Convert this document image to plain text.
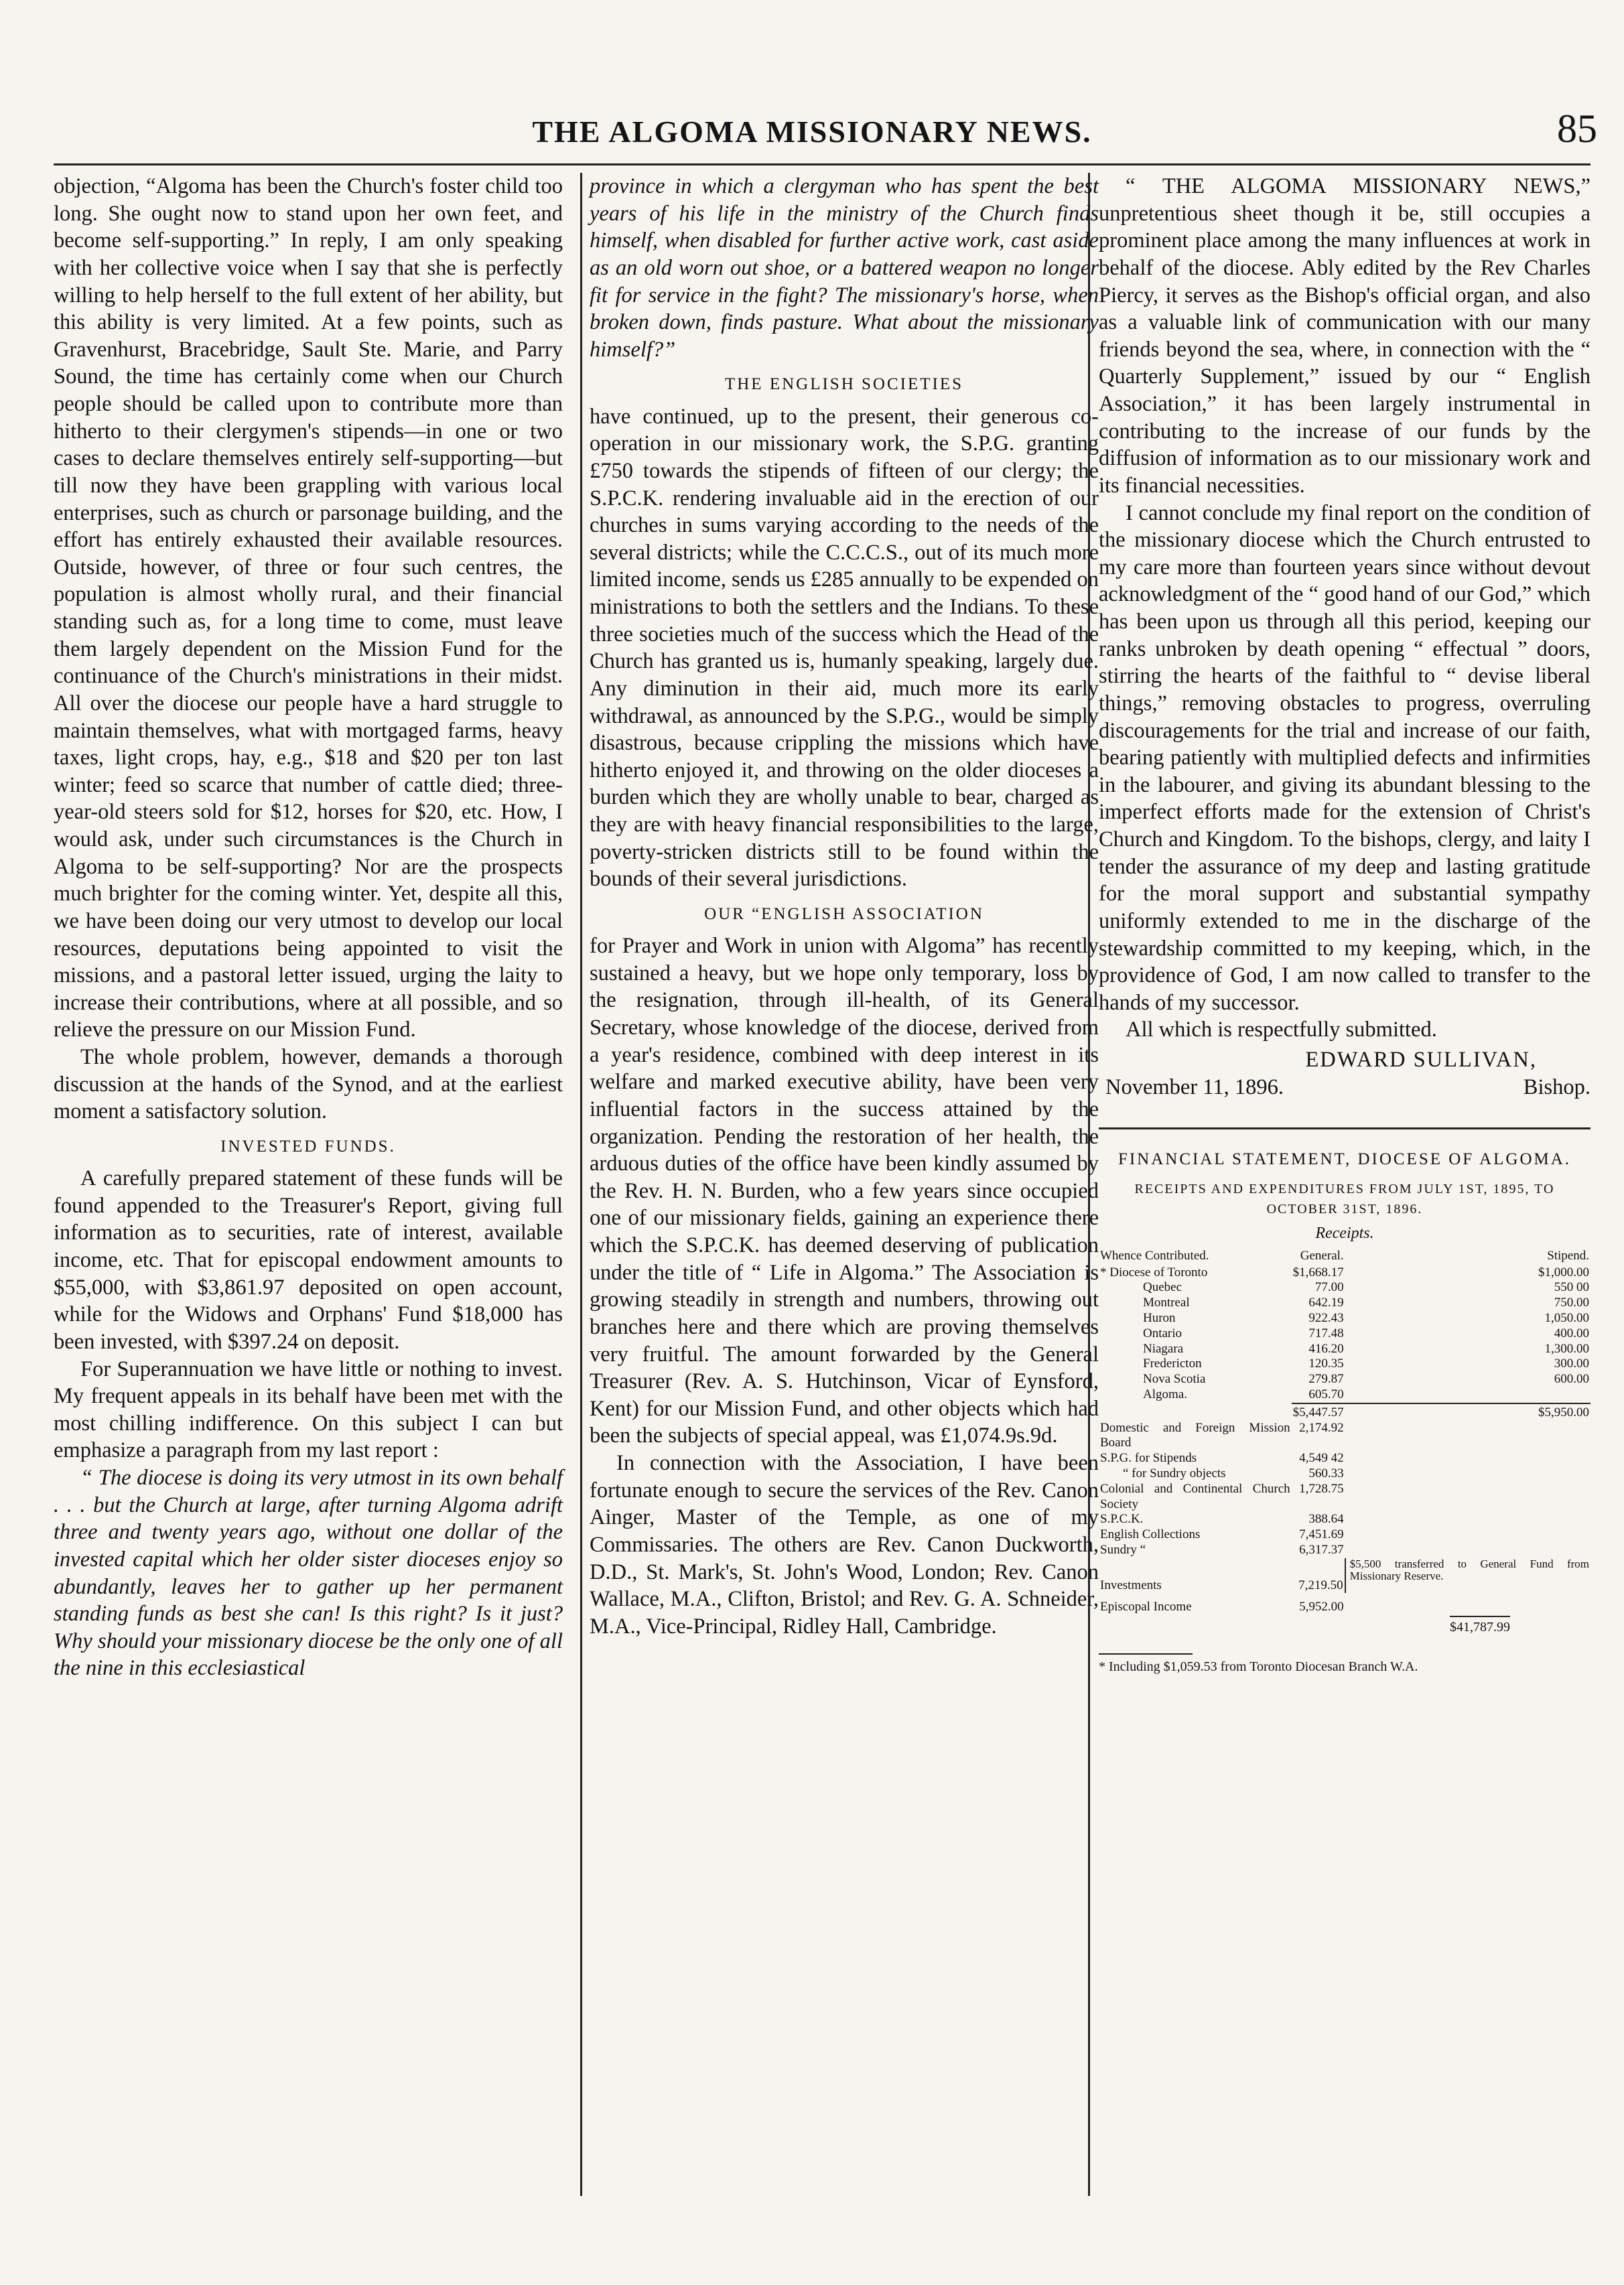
THE ALGOMA MISSIONARY NEWS.	85

objection, “Algoma has been the Church's foster child too long. She ought now to stand upon her own feet, and become self-supporting.” In reply, I am only speaking with her collective voice when I say that she is perfectly willing to help herself to the full extent of her ability, but this ability is very limited. At a few points, such as Gravenhurst, Bracebridge, Sault Ste. Marie, and Parry Sound, the time has certainly come when our Church people should be called upon to contribute more than hitherto to their clergymen's stipends—in one or two cases to declare themselves entirely self-supporting—but till now they have been grappling with various local enterprises, such as church or parsonage building, and the effort has entirely exhausted their available resources. Outside, however, of three or four such centres, the population is almost wholly rural, and their financial standing such as, for a long time to come, must leave them largely dependent on the Mission Fund for the continuance of the Church's ministrations in their midst. All over the diocese our people have a hard struggle to maintain themselves, what with mortgaged farms, heavy taxes, light crops, hay, e.g., $18 and $20 per ton last winter; feed so scarce that number of cattle died; three-year-old steers sold for $12, horses for $20, etc. How, I would ask, under such circumstances is the Church in Algoma to be self-supporting? Nor are the prospects much brighter for the coming winter. Yet, despite all this, we have been doing our very utmost to develop our local resources, deputations being appointed to visit the missions, and a pastoral letter issued, urging the laity to increase their contributions, where at all possible, and so relieve the pressure on our Mission Fund.

The whole problem, however, demands a thorough discussion at the hands of the Synod, and at the earliest moment a satisfactory solution.

INVESTED FUNDS.

A carefully prepared statement of these funds will be found appended to the Treasurer's Report, giving full information as to securities, rate of interest, available income, etc. That for episcopal endowment amounts to $55,000, with $3,861.97 deposited on open account, while for the Widows and Orphans' Fund $18,000 has been invested, with $397.24 on deposit.

For Superannuation we have little or nothing to invest. My frequent appeals in its behalf have been met with the most chilling indifference. On this subject I can but emphasize a paragraph from my last report :

“ The diocese is doing its very utmost in its own behalf . . . but the Church at large, after turning Algoma adrift three and twenty years ago, without one dollar of the invested capital which her older sister dioceses enjoy so abundantly, leaves her to gather up her permanent standing funds as best she can! Is this right? Is it just? Why should your missionary diocese be the only one of all the nine in this ecclesiastical

province in which a clergyman who has spent the best years of his life in the ministry of the Church finds himself, when disabled for further active work, cast aside as an old worn out shoe, or a battered weapon no longer fit for service in the fight? The missionary's horse, when broken down, finds pasture. What about the missionary himself?”

THE ENGLISH SOCIETIES

have continued, up to the present, their generous co-operation in our missionary work, the S.P.G. granting £750 towards the stipends of fifteen of our clergy; the S.P.C.K. rendering invaluable aid in the erection of our churches in sums varying according to the needs of the several districts; while the C.C.C.S., out of its much more limited income, sends us £285 annually to be expended on ministrations to both the settlers and the Indians. To these three societies much of the success which the Head of the Church has granted us is, humanly speaking, largely due. Any diminution in their aid, much more its early withdrawal, as announced by the S.P.G., would be simply disastrous, because crippling the missions which have hitherto enjoyed it, and throwing on the older dioceses a burden which they are wholly unable to bear, charged as they are with heavy financial responsibilities to the large, poverty-stricken districts still to be found within the bounds of their several jurisdictions.

OUR “ENGLISH ASSOCIATION

for Prayer and Work in union with Algoma” has recently sustained a heavy, but we hope only temporary, loss by the resignation, through ill-health, of its General Secretary, whose knowledge of the diocese, derived from a year's residence, combined with deep interest in its welfare and marked executive ability, have been very influential factors in the success attained by the organization. Pending the restoration of her health, the arduous duties of the office have been kindly assumed by the Rev. H. N. Burden, who a few years since occupied one of our missionary fields, gaining an experience there which the S.P.C.K. has deemed deserving of publication under the title of “ Life in Algoma.” The Association is growing steadily in strength and numbers, throwing out branches here and there which are proving themselves very fruitful. The amount forwarded by the General Treasurer (Rev. A. S. Hutchinson, Vicar of Eynsford, Kent) for our Mission Fund, and other objects which had been the subjects of special appeal, was £1,074.9s.9d.

In connection with the Association, I have been fortunate enough to secure the services of the Rev. Canon Ainger, Master of the Temple, as one of my Commissaries. The others are Rev. Canon Duckworth, D.D., St. Mark's, St. John's Wood, London; Rev. Canon Wallace, M.A., Clifton, Bristol; and Rev. G. A. Schneider, M.A., Vice-Principal, Ridley Hall, Cambridge.

“ THE ALGOMA MISSIONARY NEWS,” unpretentious sheet though it be, still occupies a prominent place among the many influences at work in behalf of the diocese. Ably edited by the Rev Charles Piercy, it serves as the Bishop's official organ, and also as a valuable link of communication with our many friends beyond the sea, where, in connection with the “ Quarterly Supplement,” issued by our “ English Association,” it has been largely instrumental in contributing to the increase of our funds by the diffusion of information as to our missionary work and its financial necessities.

I cannot conclude my final report on the condition of the missionary diocese which the Church entrusted to my care more than fourteen years since without devout acknowledgment of the “ good hand of our God,” which has been upon us through all this period, keeping our ranks unbroken by death opening “ effectual ” doors, stirring the hearts of the faithful to “ devise liberal things,” removing obstacles to progress, overruling discouragements for the trial and increase of our faith, bearing patiently with multiplied defects and infirmities in the labourer, and giving its abundant blessing to the imperfect efforts made for the extension of Christ's Church and Kingdom. To the bishops, clergy, and laity I tender the assurance of my deep and lasting gratitude for the moral support and substantial sympathy uniformly extended to me in the discharge of the stewardship committed to my keeping, which, in the providence of God, I am now called to transfer to the hands of my successor.

All which is respectfully submitted.

EDWARD SULLIVAN,
November 11, 1896.	Bishop.
FINANCIAL STATEMENT, DIOCESE OF ALGOMA.
RECEIPTS AND EXPENDITURES FROM JULY 1ST, 1895, TO OCTOBER 31ST, 1896.
Receipts.
Whence Contributed.	General.	Stipend.
* Diocese of Toronto	$1,668.17	$1,000.00
Quebec	77.00	550 00
Montreal	642.19	750.00
Huron	922.43	1,050.00
Ontario	717.48	400.00
Niagara	416.20	1,300.00
Fredericton	120.35	300.00
Nova Scotia	279.87	600.00
Algoma.	605.70	
	$5,447.57	$5,950.00
Domestic and Foreign Mission Board	2,174.92	
S.P.G. for Stipends	4,549 42	
“ for Sundry objects	560.33	
Colonial and Continental Church Society	1,728.75	
S.P.C.K.	388.64	
English Collections	7,451.69	
Sundry “	6,317.37	
Investments	7,219.50	$5,500 transferred to General Fund from Missionary Reserve.
Episcopal Income	5,952.00	
$41,787.99
* Including $1,059.53 from Toronto Diocesan Branch W.A.
